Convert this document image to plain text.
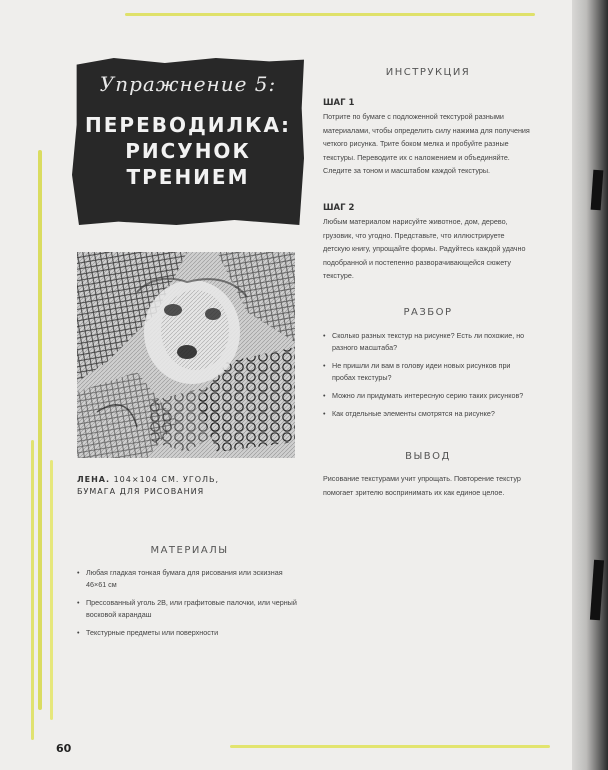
Упражнение 5:
ПЕРЕВОДИЛКА:
РИСУНОК
ТРЕНИЕМ
ЛЕНА. 104×104 СМ. УГОЛЬ,
БУМАГА ДЛЯ РИСОВАНИЯ
ИНСТРУКЦИЯ
ШАГ 1
Потрите по бумаге с подложенной текстурой разными материалами, чтобы определить силу нажима для получения четкого рисунка. Трите боком мелка и пробуйте разные текстуры. Переводите их с наложением и объединяйте. Следите за тоном и масштабом каждой текстуры.
ШАГ 2
Любым материалом нарисуйте животное, дом, дерево, грузовик, что угодно. Представьте, что иллюстрируете детскую книгу, упрощайте формы. Радуйтесь каждой удачно подобранной и постепенно разворачивающейся сюжету текстуре.
РАЗБОР
• Сколько разных текстур на рисунке? Есть ли похожие, но разного масштаба?
• Не пришли ли вам в голову идеи новых рисунков при пробах текстуры?
• Можно ли придумать интересную серию таких рисунков?
• Как отдельные элементы смотрятся на рисунке?
ВЫВОД
Рисование текстурами учит упрощать. Повторение текстур помогает зрителю воспринимать их как единое целое.
МАТЕРИАЛЫ
• Любая гладкая тонкая бумага для рисования или эскизная 46×61 см
• Прессованный уголь 2B, или графитовые палочки, или черный восковой карандаш
• Текстурные предметы или поверхности
60
